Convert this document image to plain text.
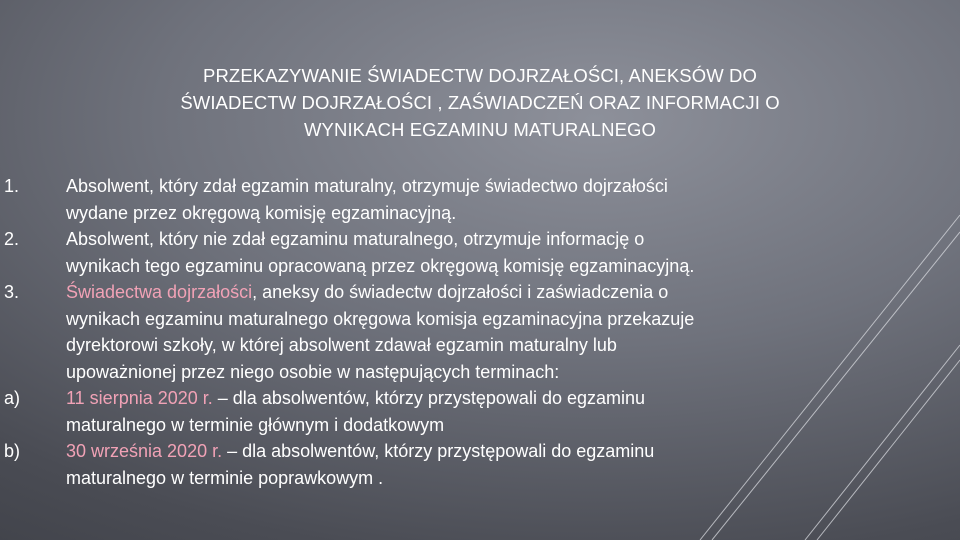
PRZEKAZYWANIE ŚWIADECTW DOJRZAŁOŚCI, ANEKSÓW DO
ŚWIADECTW DOJRZAŁOŚCI , ZAŚWIADCZEŃ ORAZ INFORMACJI O
WYNIKACH EGZAMINU MATURALNEGO
1.	Absolwent, który zdał egzamin maturalny, otrzymuje świadectwo dojrzałości
wydane przez okręgową komisję egzaminacyjną.
2.	Absolwent, który nie zdał egzaminu maturalnego, otrzymuje informację o
wynikach tego egzaminu opracowaną przez okręgową komisję egzaminacyjną.
3.	Świadectwa dojrzałości, aneksy do świadectw dojrzałości i zaświadczenia o
wynikach egzaminu maturalnego okręgowa komisja egzaminacyjna przekazuje
dyrektorowi szkoły, w której absolwent zdawał egzamin maturalny lub
upoważnionej przez niego osobie w następujących terminach:
a)	11 sierpnia 2020 r. – dla absolwentów, którzy przystępowali do egzaminu
maturalnego w terminie głównym i dodatkowym
b)	30 września 2020 r. – dla absolwentów, którzy przystępowali do egzaminu
maturalnego w terminie poprawkowym .
